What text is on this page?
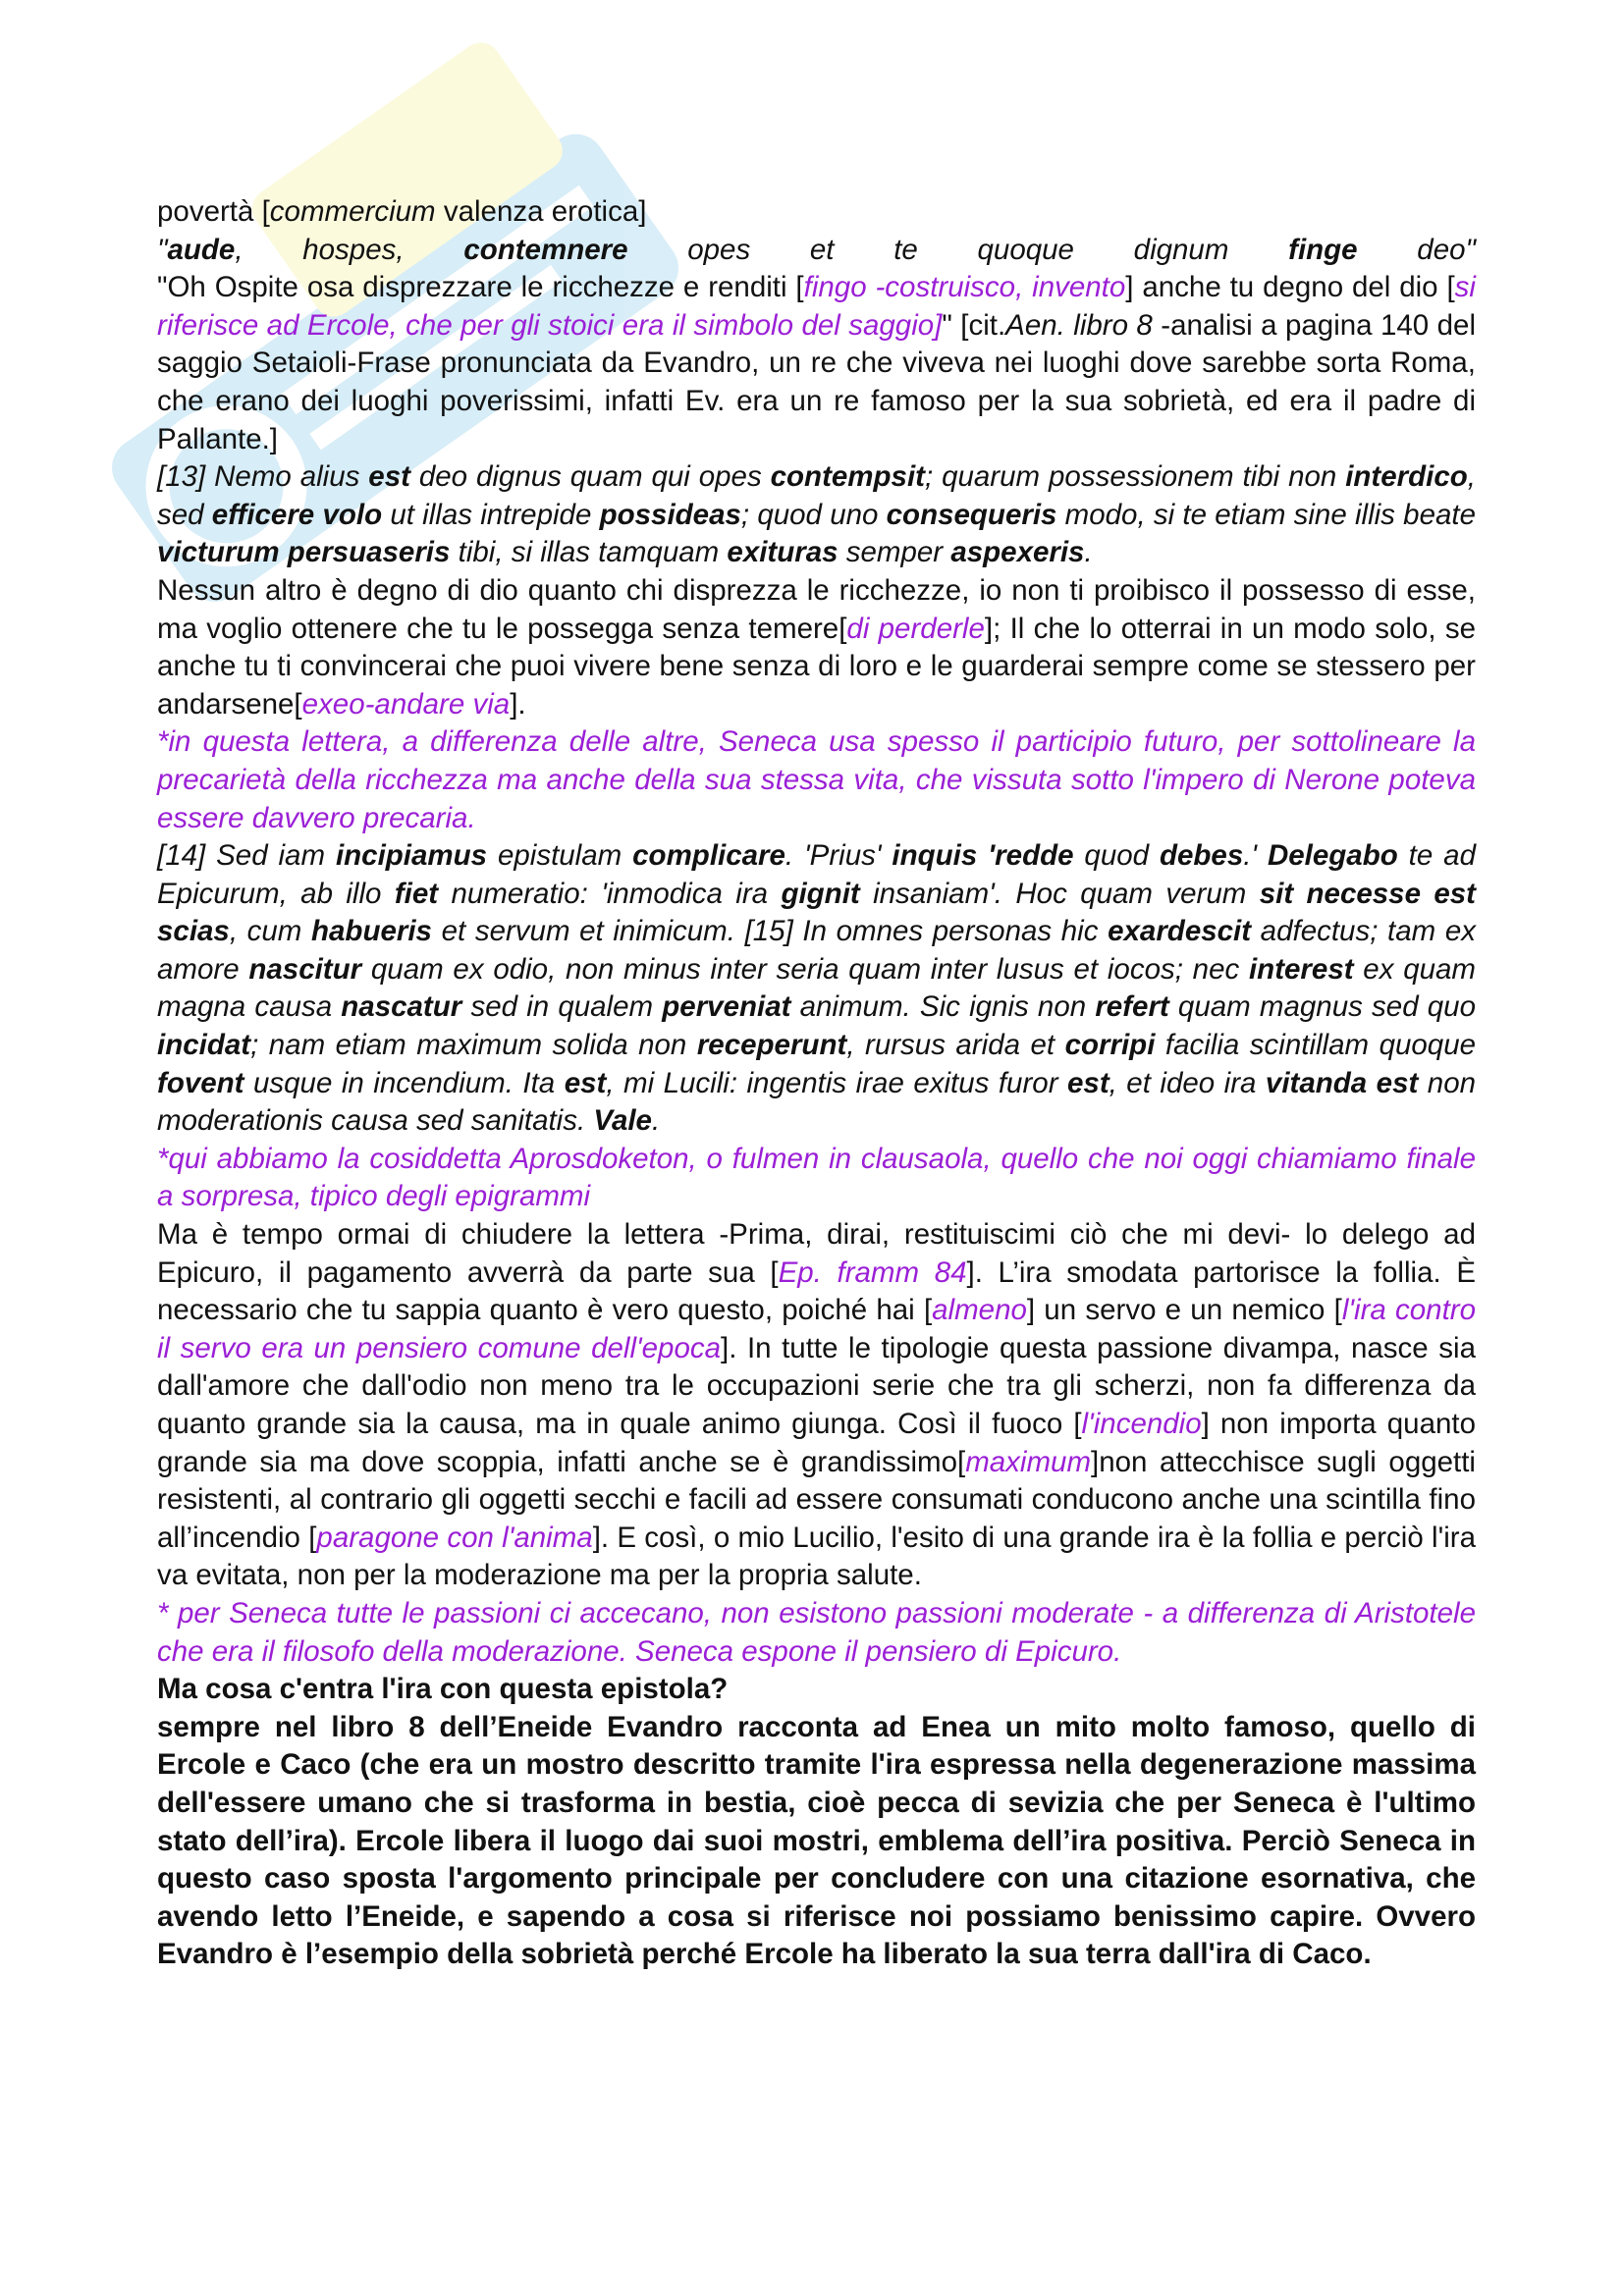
povertà [commercium valenza erotica]

"aude, hospes, contemnere opes et te quoque dignum finge deo"

"Oh Ospite osa disprezzare le ricchezze e renditi [fingo -costruisco, invento] anche tu degno del dio [si riferisce ad Ercole, che per gli stoici era il simbolo del saggio]" [cit.Aen. libro 8 -analisi a pagina 140 del saggio Setaioli-Frase pronunciata da Evandro, un re che viveva nei luoghi dove sarebbe sorta Roma, che erano dei luoghi poverissimi, infatti Ev. era un re famoso per la sua sobrietà, ed era il padre di Pallante.]

[13] Nemo alius est deo dignus quam qui opes contempsit; quarum possessionem tibi non interdico, sed efficere volo ut illas intrepide possideas; quod uno consequeris modo, si te etiam sine illis beate victurum persuaseris tibi, si illas tamquam exituras semper aspexeris.

Nessun altro è degno di dio quanto chi disprezza le ricchezze, io non ti proibisco il possesso di esse, ma voglio ottenere che tu le possegga senza temere[di perderle]; Il che lo otterrai in un modo solo, se anche tu ti convincerai che puoi vivere bene senza di loro e le guarderai sempre come se stessero per andarsene[exeo-andare via].

*in questa lettera, a differenza delle altre, Seneca usa spesso il participio futuro, per sottolineare la precarietà della ricchezza ma anche della sua stessa vita, che vissuta sotto l'impero di Nerone poteva essere davvero precaria.

[14] Sed iam incipiamus epistulam complicare. 'Prius' inquis 'redde quod debes.' Delegabo te ad Epicurum, ab illo fiet numeratio: 'inmodica ira gignit insaniam'. Hoc quam verum sit necesse est scias, cum habueris et servum et inimicum. [15] In omnes personas hic exardescit adfectus; tam ex amore nascitur quam ex odio, non minus inter seria quam inter lusus et iocos; nec interest ex quam magna causa nascatur sed in qualem perveniat animum. Sic ignis non refert quam magnus sed quo incidat; nam etiam maximum solida non receperunt, rursus arida et corripi facilia scintillam quoque fovent usque in incendium. Ita est, mi Lucili: ingentis irae exitus furor est, et ideo ira vitanda est non moderationis causa sed sanitatis. Vale.

*qui abbiamo la cosiddetta Aprosdoketon, o fulmen in clausaola, quello che noi oggi chiamiamo finale a sorpresa, tipico degli epigrammi

Ma è tempo ormai di chiudere la lettera -Prima, dirai, restituiscimi ciò che mi devi- lo delego ad Epicuro, il pagamento avverrà da parte sua [Ep. framm 84]. L’ira smodata partorisce la follia. È necessario che tu sappia quanto è vero questo, poiché hai [almeno] un servo e un nemico [l'ira contro il servo era un pensiero comune dell'epoca]. In tutte le tipologie questa passione divampa, nasce sia dall'amore che dall'odio non meno tra le occupazioni serie che tra gli scherzi, non fa differenza da quanto grande sia la causa, ma in quale animo giunga. Così il fuoco [l'incendio] non importa quanto grande sia ma dove scoppia, infatti anche se è grandissimo[maximum]non attecchisce sugli oggetti resistenti, al contrario gli oggetti secchi e facili ad essere consumati conducono anche una scintilla fino all’incendio [paragone con l'anima]. E così, o mio Lucilio, l'esito di una grande ira è la follia e perciò l'ira va evitata, non per la moderazione ma per la propria salute.

* per Seneca tutte le passioni ci accecano, non esistono passioni moderate - a differenza di Aristotele che era il filosofo della moderazione. Seneca espone il pensiero di Epicuro.

Ma cosa c'entra l'ira con questa epistola?

sempre nel libro 8 dell’Eneide Evandro racconta ad Enea un mito molto famoso, quello di Ercole e Caco (che era un mostro descritto tramite l'ira espressa nella degenerazione massima dell'essere umano che si trasforma in bestia, cioè pecca di sevizia che per Seneca è l'ultimo stato dell’ira). Ercole libera il luogo dai suoi mostri, emblema dell’ira positiva. Perciò Seneca in questo caso sposta l'argomento principale per concludere con una citazione esornativa, che avendo letto l’Eneide, e sapendo a cosa si riferisce noi possiamo benissimo capire. Ovvero Evandro è l’esempio della sobrietà perché Ercole ha liberato la sua terra dall'ira di Caco.
